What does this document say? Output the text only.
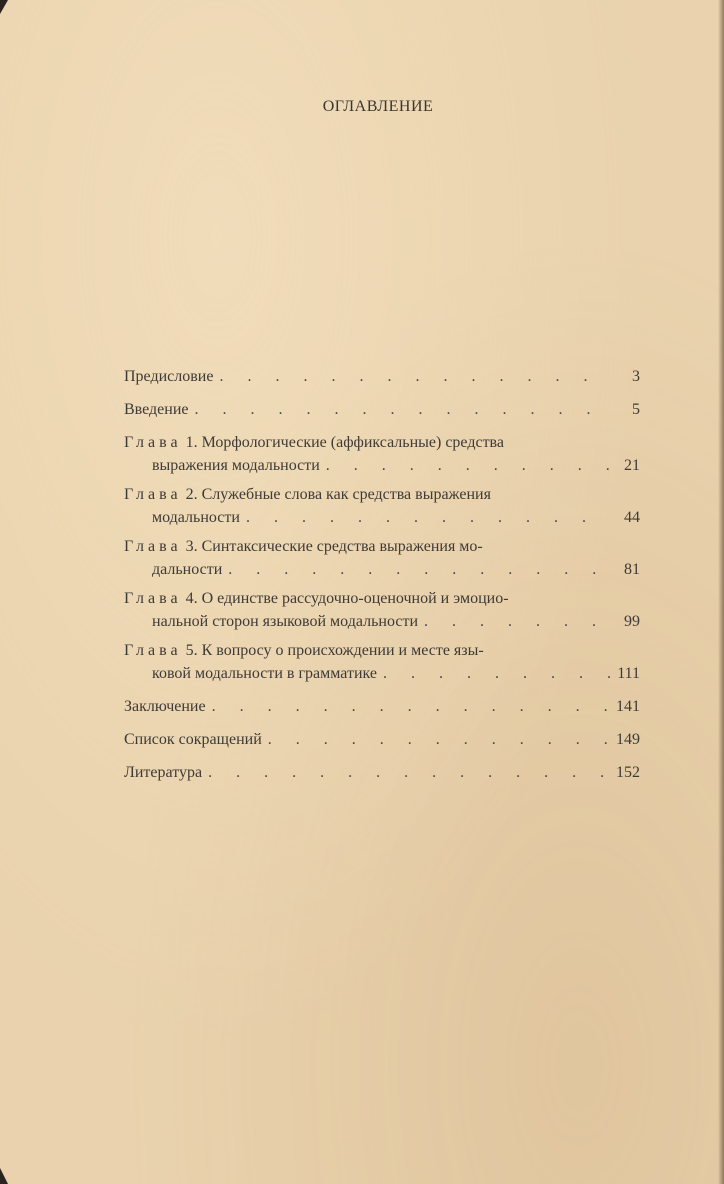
ОГЛАВЛЕНИЕ
Предисловие . . .	3
Введение . . .	5
Глава 1. Морфологические (аффиксальные) средства
выражения модальности . . .	21
Глава 2. Служебные слова как средства выражения
модальности . . .	44
Глава 3. Синтаксические средства выражения мо-
дальности . . .	81
Глава 4. О единстве рассудочно-оценочной и эмоцио-
нальной сторон языковой модальности . . .	99
Глава 5. К вопросу о происхождении и месте язы-
ковой модальности в грамматике . . .	111
Заключение . . .	141
Список сокращений . . .	149
Литература . . .	152
